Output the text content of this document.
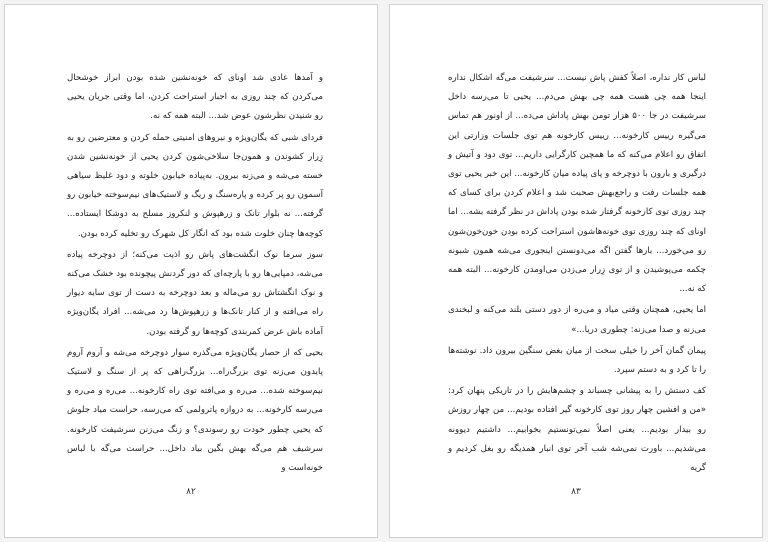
و آمدها عادی شد اونای که خونه‌نشین شده بودن ابراز خوشحال می‌کردن که چند روزی به اجبار استراحت کردن، اما وقتی جریان یحیی رو شنیدن نظرشون عوض شد... البته همه که نه.

فردای شبی که یگان‌ویژه و نیروهای امنیتی حمله کردن و معترضین رو به زِرار کشوندن و همون‌جا سلاخی‌شون کردن یحیی از خونه‌نشین شدن خسته می‌شه و می‌زنه بیرون. به‌پیاده خیابون خلوته و دود غلیظ سیاهی آسمون رو پر کرده و پارەسنگ و ریگ و لاستیک‌های نیم‌سوخته خیابون رو گرفته... نه بلوار تانک و زرهپوش و لنکروز مسلح به دوشکا ایستاده... کوچه‌ها چنان خلوت شده بود که انگار کل شهرک رو تخلیه کرده بودن.

سوز سرما نوک انگشت‌های پاش رو اذیت می‌کنه؛ از دوچرخه پیاده می‌شه، دمپایی‌ها رو با پارچه‌ای که دور گردنش پیچونده بود خشک می‌کنه و نوک انگشتاش رو می‌ماله و بعد دوچرخه به دست از توی سایه دیوار راه می‌افته و از کنار تانک‌ها و زرهپوش‌ها رد می‌شه... افراد یگان‌ویژه آماده باش عرض کمربندی کوچه‌ها رو گرفته بودن.

یحیی که از حصار یگان‌ویژه می‌گذره سوار دوچرخه می‌شه و آروم آروم پایدون می‌زنه توی بزرگ‌راه... بزرگ‌راهی که پر از سنگ و لاستیک نیم‌سوخته شده... می‌ره و می‌افته توی راه کارخونه... می‌ره و می‌ره و می‌رسه کارخونه... به دروازه پاترولمی که می‌رسه، حراست میاد جلوش که یحیی چطور خودت رو رسوندی؟ و زنگ می‌زنن سرشیفت کارخونه. سرشیف هم می‌گه بهش بگین بیاد داخل... حراست می‌گه با لباس خونه‌است و

۸۲

لباس کار نداره، اصلاً کفش پاش نیست... سرشیفت می‌گه اشکال نداره اینجا همه چی هست همه چی بهش می‌دم... یحیی تا می‌رسه داخل سرشیفت در جا ۵۰۰ هزار تومن بهش پاداش می‌ده... از اونور هم تماس می‌گیره رییس کارخونه... رییس کارخونه هم توی جلسات وزارتی این اتفاق رو اعلام می‌کنه که ما همچین کارگرایی داریم... توی دود و آتیش و درگیری و بارون با دوچرخه و پای پیاده میان کارخونه... این خبر یحیی توی همه جلسات رفت و راجع‌بهش صحبت شد و اعلام کردن برای کسای که چند روزی توی کارخونه گرفتار شده بودن پاداش در نظر گرفته بشه... اما اونای که چند روزی توی خونه‌هاشون استراحت کرده بودن خون‌خون‌شون رو می‌خورد... بارها گفتن اگه می‌دونستن اینجوری می‌شه همون شبونه چکمه می‌پوشیدن و از توی زِرار می‌زدن می‌اومدن کارخونه... البته همه که نه...

اما یحیی، همچنان وقتی میاد و می‌ره از دور دستی بلند می‌کنه و لبخندی می‌زنه و صدا می‌زنه: چطوری دریا...»

پیمان گمان آخر را خیلی سخت از میان بغض سنگین بیرون داد. نوشته‌ها را تا کرد و به دستم سپرد.

کف دستش را به پیشانی چسباند و چشم‌هایش را در تاریکی پنهان کرد: «من و افشین چهار روز توی کارخونه گیر افتاده بودیم... من چهار روزش رو بیدار بودیم... یعنی اصلاً نمی‌تونستیم بخوابیم... داشتیم دیوونه می‌شدیم... باورت نمی‌شه شب آخر توی انبار همدیگه رو بغل کردیم و گریه

۸۳
